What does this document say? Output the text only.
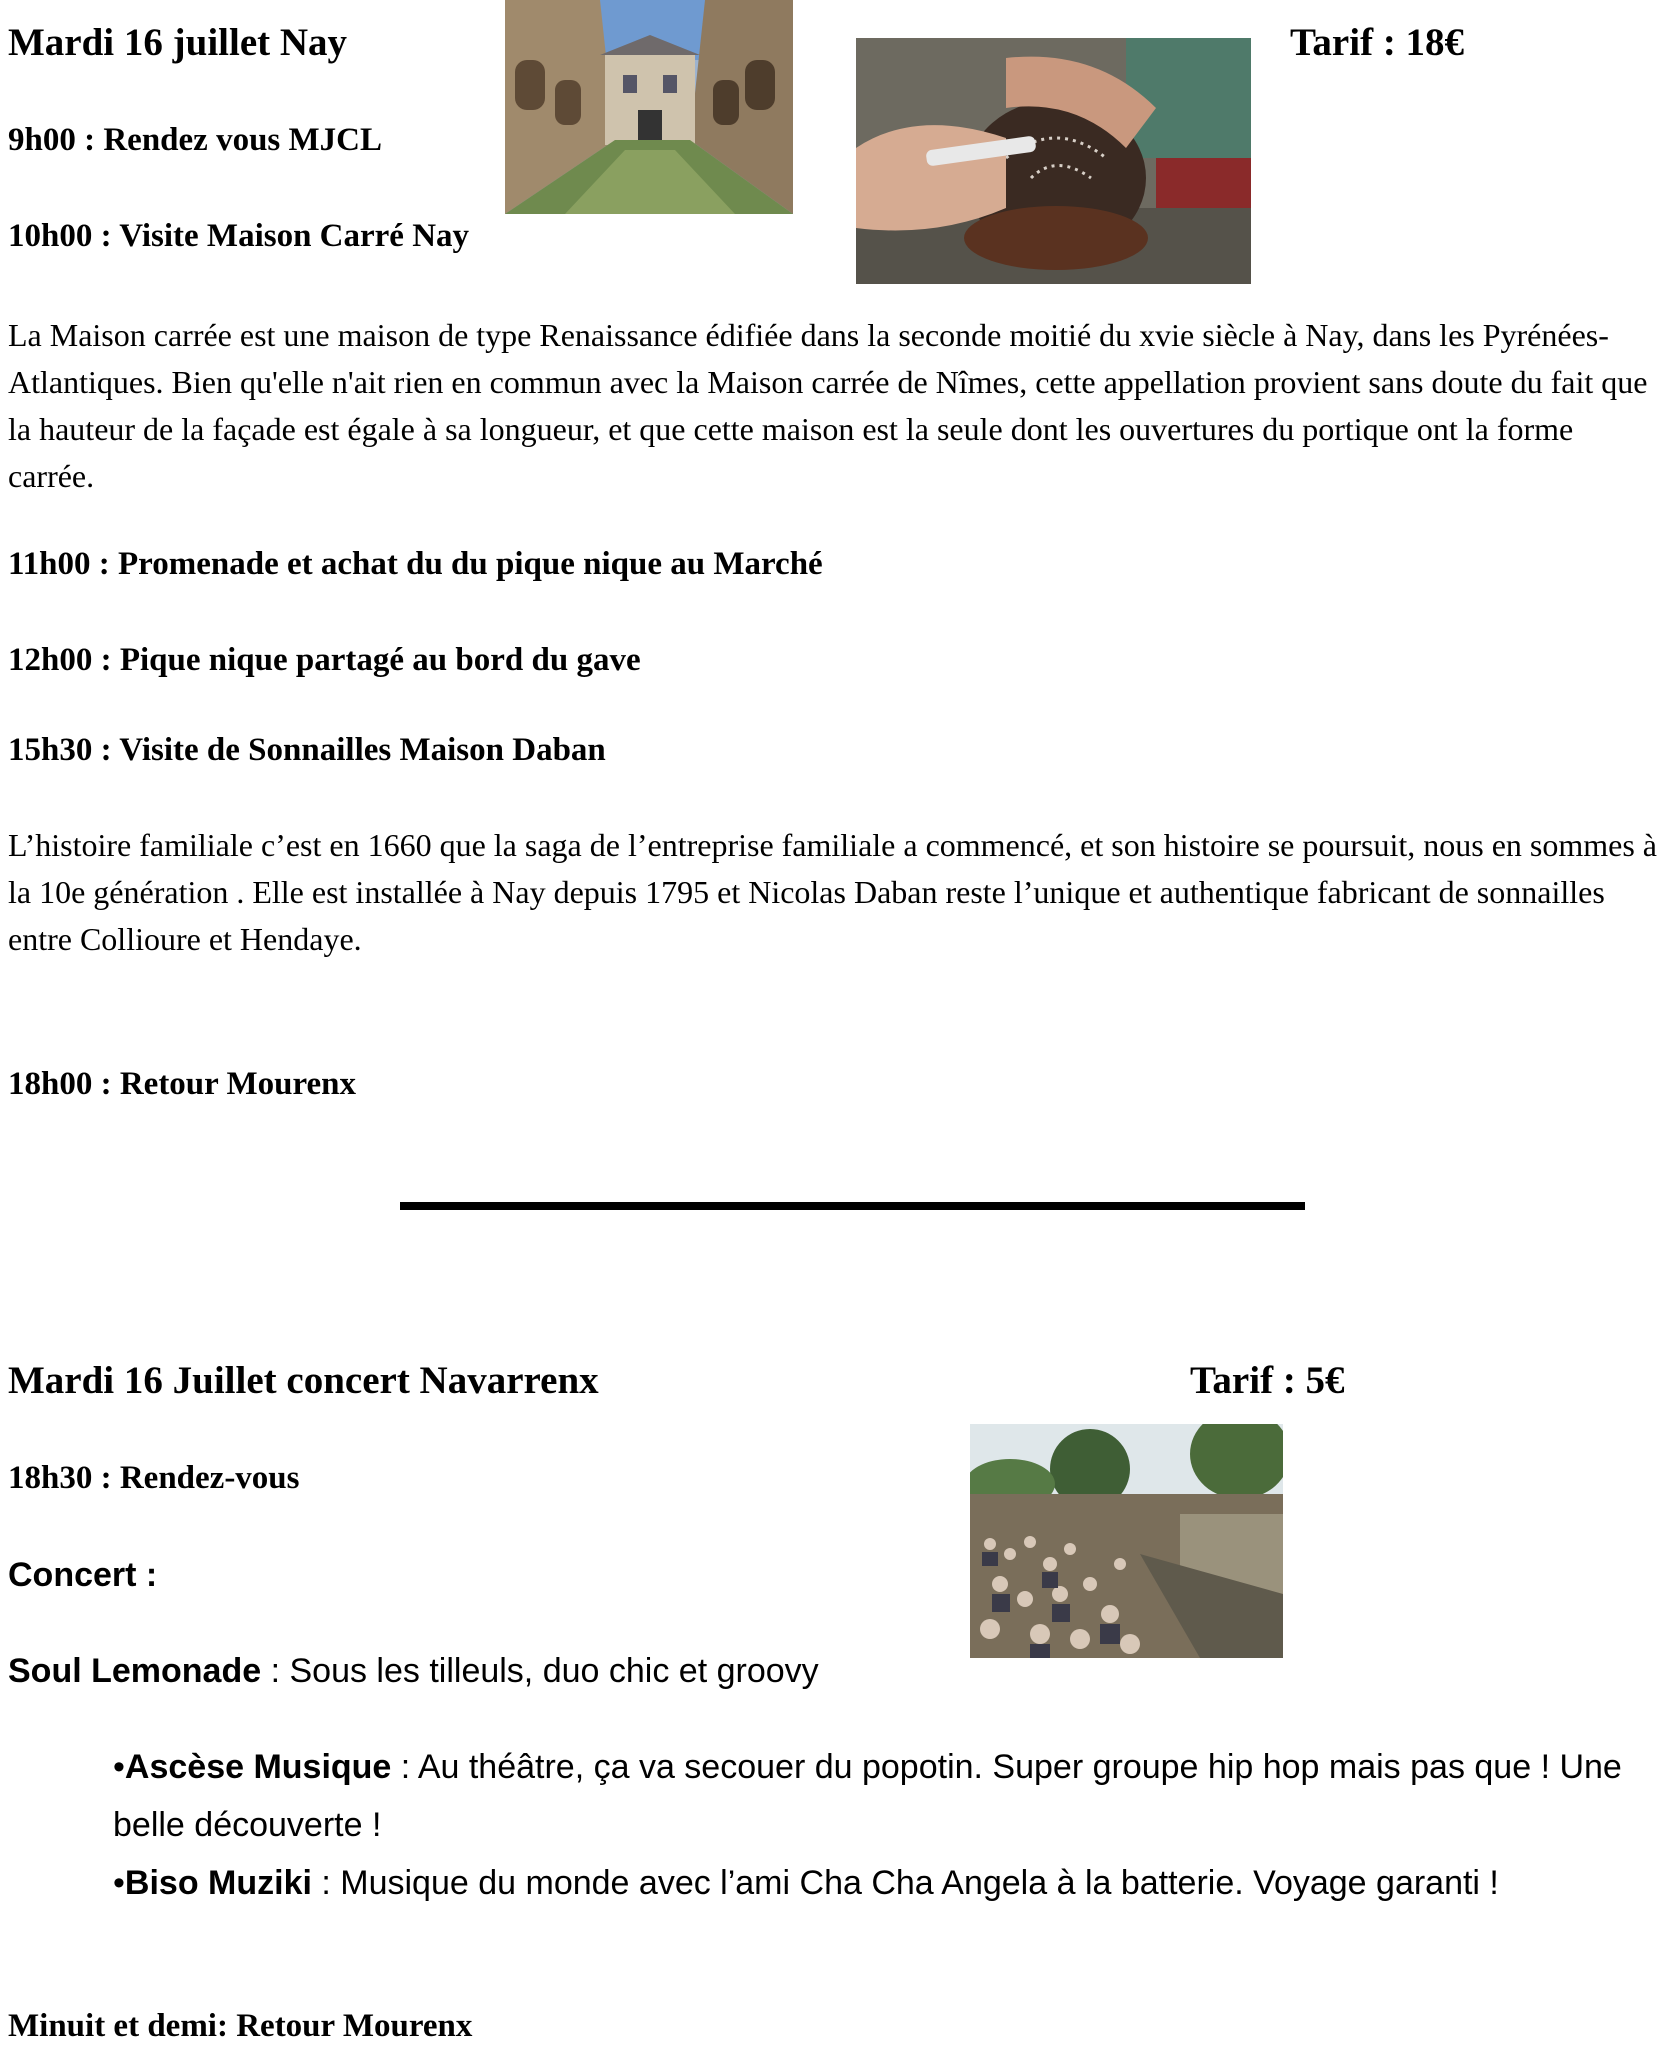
Mardi 16 juillet Nay	Tarif : 18€
9h00 : Rendez vous MJCL
10h00 : Visite Maison Carré Nay
La Maison carrée est une maison de type Renaissance édifiée dans la seconde moitié du xvie siècle à Nay, dans les Pyrénées-Atlantiques. Bien qu'elle n'ait rien en commun avec la Maison carrée de Nîmes, cette appellation provient sans doute du fait que la hauteur de la façade est égale à sa longueur, et que cette maison est la seule dont les ouvertures du portique ont la forme carrée.
11h00 : Promenade et achat du du pique nique au Marché
12h00 : Pique nique partagé au bord du gave
15h30 : Visite de Sonnailles Maison Daban
L’histoire familiale c’est en 1660 que la saga de l’entreprise familiale a commencé, et son histoire se poursuit, nous en sommes à la 10e génération . Elle est installée à Nay depuis 1795 et Nicolas Daban reste l’unique et authentique fabricant de sonnailles entre Collioure et Hendaye.
18h00 : Retour Mourenx
Mardi 16 Juillet concert Navarrenx	Tarif : 5€
18h30 : Rendez-vous
Concert :
Soul Lemonade : Sous les tilleuls, duo chic et groovy
•Ascèse Musique : Au théâtre, ça va secouer du popotin. Super groupe hip hop mais pas que ! Une belle découverte !
•Biso Muziki : Musique du monde avec l’ami Cha Cha Angela à la batterie. Voyage garanti !
Minuit et demi: Retour Mourenx
